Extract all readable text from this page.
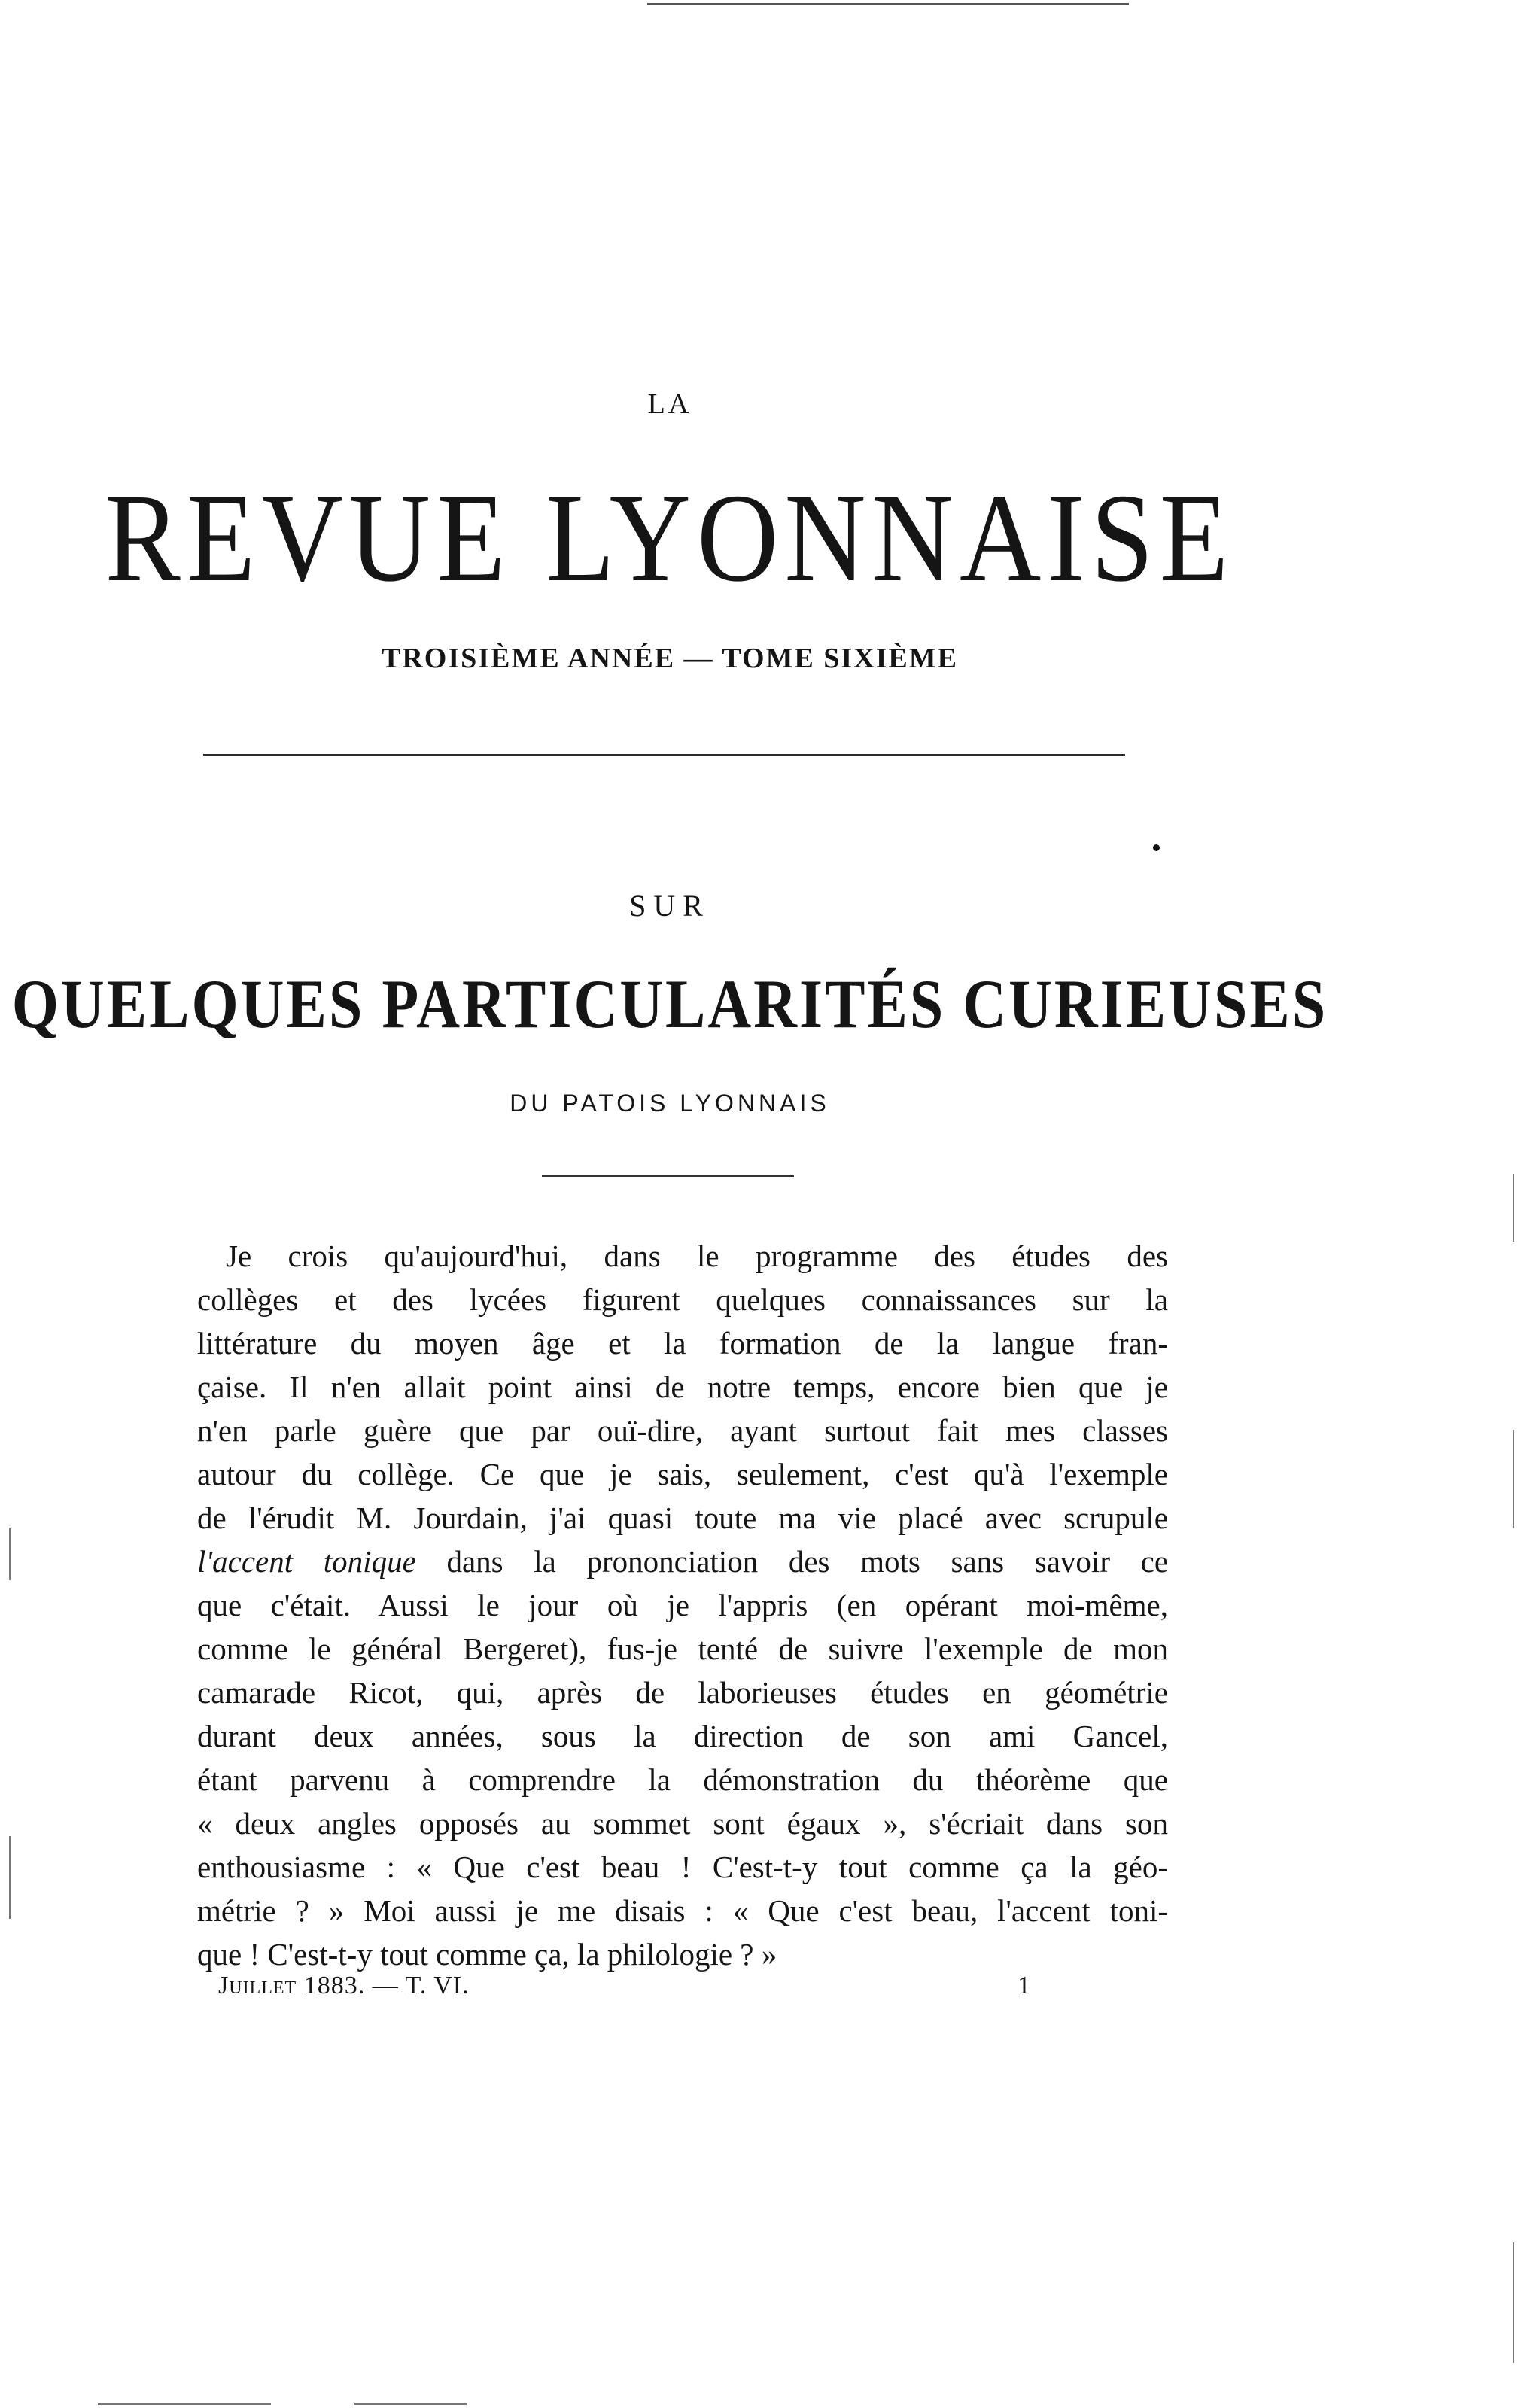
LA

REVUE LYONNAISE

TROISIÈME ANNÉE — TOME SIXIÈME

SUR

QUELQUES PARTICULARITÉS CURIEUSES

DU PATOIS LYONNAIS

Je crois qu'aujourd'hui, dans le programme des études des
collèges et des lycées figurent quelques connaissances sur la
littérature du moyen âge et la formation de la langue fran-
çaise. Il n'en allait point ainsi de notre temps, encore bien que je
n'en parle guère que par ouï-dire, ayant surtout fait mes classes
autour du collège. Ce que je sais, seulement, c'est qu'à l'exemple
de l'érudit M. Jourdain, j'ai quasi toute ma vie placé avec scrupule
l'accent tonique dans la prononciation des mots sans savoir ce
que c'était. Aussi le jour où je l'appris (en opérant moi-même,
comme le général Bergeret), fus-je tenté de suivre l'exemple de mon
camarade Ricot, qui, après de laborieuses études en géométrie
durant deux années, sous la direction de son ami Gancel,
étant parvenu à comprendre la démonstration du théorème que
« deux angles opposés au sommet sont égaux », s'écriait dans son
enthousiasme : « Que c'est beau ! C'est-t-y tout comme ça la géo-
métrie ? » Moi aussi je me disais : « Que c'est beau, l'accent toni-
que ! C'est-t-y tout comme ça, la philologie ? »

Juillet 1883. — T. VI.	1
